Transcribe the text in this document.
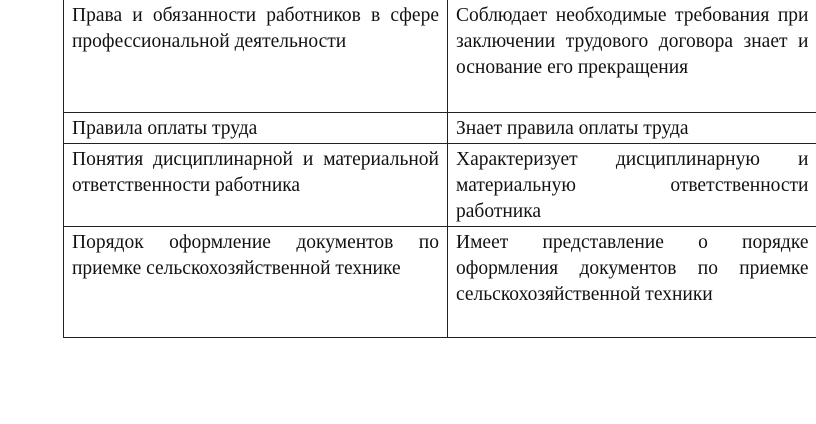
Права и обязанности работников в сфере профессиональной деятельности	Соблюдает необходимые требования при заключении трудового договора знает и основание его прекращения
Правила оплаты труда	Знает правила оплаты труда
Понятия дисциплинарной и материальной ответственности работника	Характеризует дисциплинарную и материальную ответственности работника
Порядок оформление документов по приемке сельскохозяйственной технике	Имеет представление о порядке оформления документов по приемке сельскохозяйственной техники
